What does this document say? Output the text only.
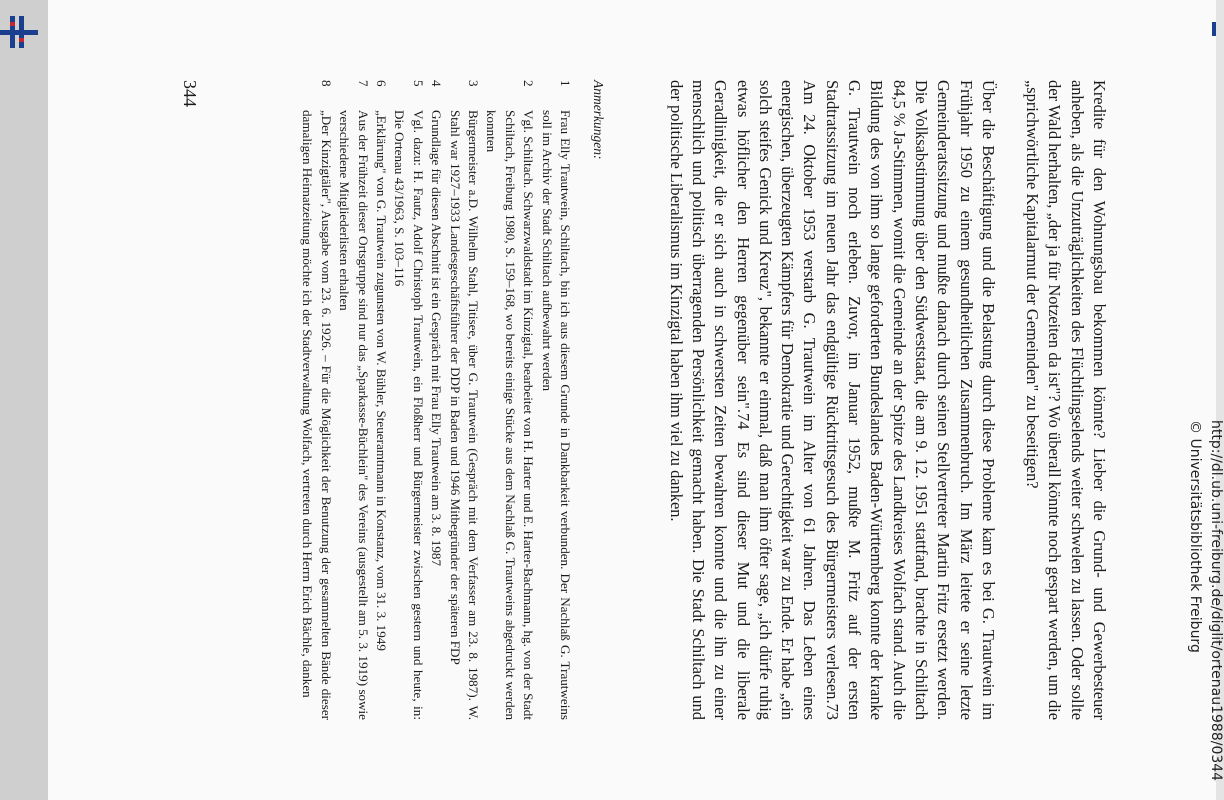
Kredite für den Wohnungsbau bekommen könnte? Lieber die Grund- und Gewerbesteuer anheben, als die Unzuträglichkeiten des Flüchtlingselends weiter schwelen zu lassen. Oder sollte der Wald herhalten, „der ja für Notzeiten da ist"? Wo überall könnte noch gespart werden, um die „sprichwörtliche Kapitalarmut der Gemeinden" zu beseitigen?

Über die Beschäftigung und die Belastung durch diese Probleme kam es bei G. Trautwein im Frühjahr 1950 zu einem gesundheitlichen Zusammenbruch. Im März leitete er seine letzte Gemeinderatssitzung und mußte danach durch seinen Stellvertreter Martin Fritz ersetzt werden. Die Volksabstimmung über den Südweststaat, die am 9. 12. 1951 stattfand, brachte in Schiltach 84,5 % Ja-Stimmen, womit die Gemeinde an der Spitze des Landkreises Wolfach stand. Auch die Bildung des von ihm so lange geforderten Bundeslandes Baden-Württemberg konnte der kranke G. Trautwein noch erleben. Zuvor, im Januar 1952, mußte M. Fritz auf der ersten Stadtratssitzung im neuen Jahr das endgültige Rücktrittsgesuch des Bürgermeisters verlesen.73 Am 24. Oktober 1953 verstarb G. Trautwein im Alter von 61 Jahren. Das Leben eines energischen, überzeugten Kämpfers für Demokratie und Gerechtigkeit war zu Ende. Er habe „ein solch steifes Genick und Kreuz", bekannte er einmal, daß man ihm öfter sage, „ich dürfe ruhig etwas höflicher den Herren gegenüber sein".74 Es sind dieser Mut und die liberale Geradlinigkeit, die er sich auch in schwersten Zeiten bewahren konnte und die ihn zu einer menschlich und politisch überragenden Persönlichkeit gemacht haben. Die Stadt Schiltach und der politische Liberalismus im Kinzigtal haben ihm viel zu danken.

Anmerkungen:
1
Frau Elly Trautwein, Schiltach, bin ich aus diesem Grunde in Dankbarkeit verbunden. Der Nachlaß G. Trautweins soll im Archiv der Stadt Schiltach aufbewahrt werden
2
Vgl. Schiltach. Schwarzwaldstadt im Kinzigtal, bearbeitet von H. Harter und E. Harter-Bachmann, hg. von der Stadt Schiltach, Freiburg 1980, S. 159–168, wo bereits einige Stücke aus dem Nachlaß G. Trautweins abgedruckt werden konnten
3
Bürgermeister a.D. Wilhelm Stahl, Titisee, über G. Trautwein (Gespräch mit dem Verfasser am 23. 8. 1987). W. Stahl war 1927–1933 Landesgeschäftsführer der DDP in Baden und 1946 Mitbegründer der späteren FDP
4
Grundlage für diesen Abschnitt ist ein Gespräch mit Frau Elly Trautwein am 3. 8. 1987
5
Vgl. dazu: H. Fautz, Adolf Christoph Trautwein, ein Floßherr und Bürgermeister zwischen gestern und heute, in: Die Ortenau 43/1963, S. 103–116
6
„Erklärung" von G. Trautwein zugunsten von W. Bühler, Steueramtmann in Konstanz, vom 31. 3. 1949
7
Aus der Frühzeit dieser Ortsgruppe sind nur das „Sparkasse-Büchlein" des Vereins (ausgestellt am 5. 3. 1919) sowie verschiedene Mitgliederlisten erhalten
8
„Der Kinzigtäler", Ausgabe vom 23. 6. 1926. – Für die Möglichkeit der Benutzung der gesammelten Bände dieser damaligen Heimatzeitung möchte ich der Stadtverwaltung Wolfach, vertreten durch Herrn Erich Bächle, danken
344
http://dl.ub.uni-freiburg.de/diglit/ortenau1988/0344
© Universitätsbibliothek Freiburg
